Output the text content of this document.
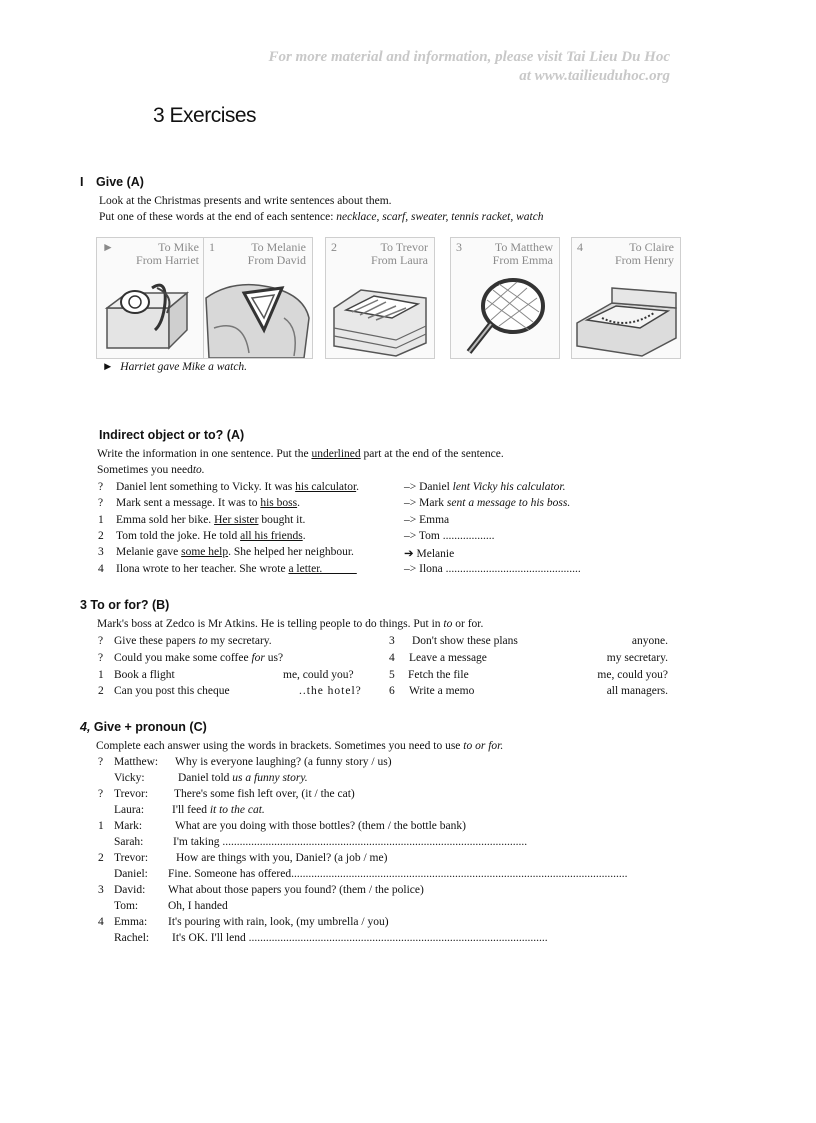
For more material and information, please visit Tai Lieu Du Hoc
at www.tailieuduhoc.org
3 Exercises
I Give (A)
Look at the Christmas presents and write sentences about them.
Put one of these words at the end of each sentence: necklace, scarf, sweater, tennis racket, watch
►	To Mike
From Harriet
1	To Melanie
From David
2	To Trevor
From Laura
3	To Matthew
From Emma
4	To Claire
From Henry
► Harriet gave Mike a watch.
Indirect object or to? (A)
Write the information in one sentence. Put the underlined part at the end of the sentence.
Sometimes you needto.
? Daniel lent something to Vicky. It was his calculator.	–> Daniel lent Vicky his calculator.
? Mark sent a message. It was to his boss.	–> Mark sent a message to his boss.
1 Emma sold her bike. Her sister bought it.	–> Emma
2 Tom told the joke. He told all his friends.	–> Tom ..................
3 Melanie gave some help. She helped her neighbour.	➔ Melanie
4 Ilona wrote to her teacher. She wrote a letter.	–> Ilona ...............................................
3 To or for? (B)
Mark's boss at Zedco is Mr Atkins. He is telling people to do things. Put in to or for.
? Give these papers to my secretary.
? Could you make some coffee for us?
1 Book a flight	me, could you?
2 Can you post this cheque	..the hotel?
3 Don't show these plans	anyone.
4 Leave a message	my secretary.
5 Fetch the file	me, could you?
6 Write a memo	all managers.
4, Give + pronoun (C)
Complete each answer using the words in brackets. Sometimes you need to use to or for.
? Matthew: Why is everyone laughing? (a funny story / us)
Vicky:	Daniel told us a funny story.
? Trevor: There's some fish left over, (it / the cat)
Laura: I'll feed it to the cat.
1 Mark:	What are you doing with those bottles? (them / the bottle bank)
Sarah:	I'm taking ..........................................................................................................
2 Trevor: How are things with you, Daniel? (a job / me)
Daniel: Fine. Someone has offered.....................................................................................................................
3 David: What about those papers you found? (them / the police)
Tom:	Oh, I handed
4 Emma: It's pouring with rain, look, (my umbrella / you)
Rachel: It's OK. I'll lend ........................................................................................................
